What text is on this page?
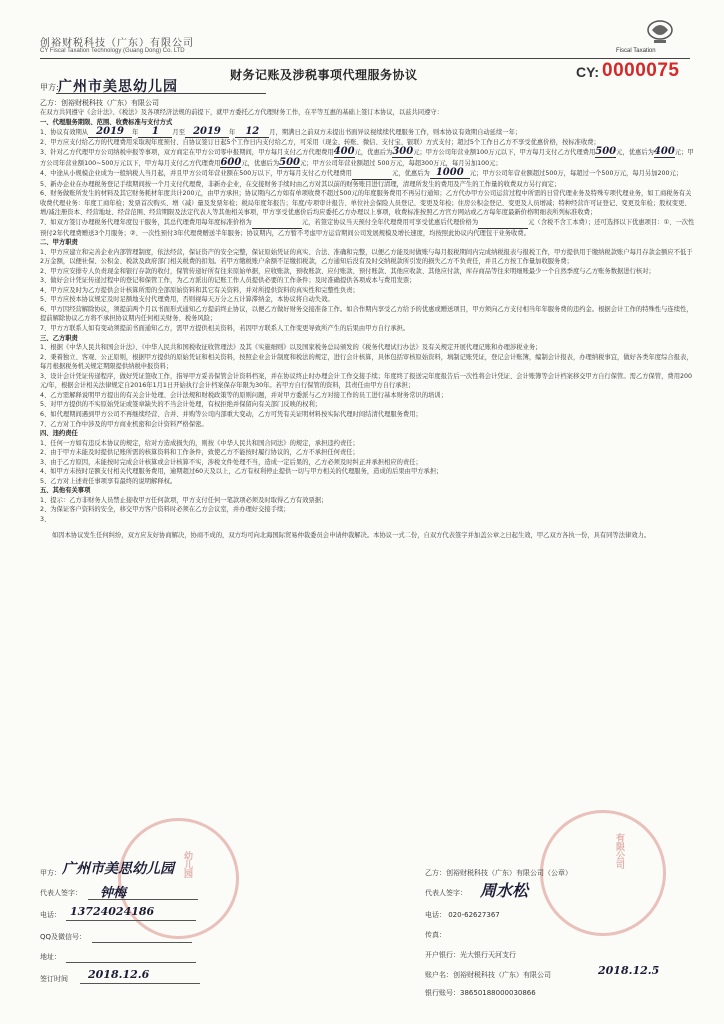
创裕财税科技（广东）有限公司
CY Fiscal Taxation Technology (Guang Dong) Co. LTD	Fiscal Taxation
财务记账及涉税事项代理服务协议	CY: 0000075
甲方: 广州市美思幼儿园
乙方：创裕财税科技（广东）有限公司

在双方共同遵守《会计法》、《税法》及各项经济法规的前提下，就甲方委托乙方代理财务工作，在平等互惠的基础上签订本协议，以兹共同遵守：

一、代理服务期限、范围、收费标准与支付方式

1、协议有效期从 2019 年 1 月至 2019 年 12 月，期满日之前双方未提出书面异议视续续代理服务工作，则本协议有效期自动延续一年；

2、甲方应支付给乙方的代理费用采取现年度预付、自协议签订日起5个工作日内支付给乙方，可采用（现金、转账、微信、支付宝、银联）方式支付；超过5个工作日乙方不享受优惠价格，按标准收费；

3、针对乙方代理甲方公司纳税申报等事项，双方商定在甲方公司零申报期间，甲方每月支付乙方代理费用400元，优惠后为300元；甲方公司年营业额100万元以下，甲方每月支付乙方代理费用500元，优惠后为400元；甲方公司年营业额100~500万元以下，甲方每月支付乙方代理费用600元，优惠后为500元；甲方公司年营业额超过 500万元，每超300万元，每月另加100元；

4、中途从小规模企业成为一般纳税人当月起，并且甲方公司年营业额在500万以下，甲方每月支付乙方代理费用	元，优惠后为 1000 元；甲方公司年营业额超过500万，每超过一个500万元，每月另加200元；

5、新办企业在办理税务登记手续期间按一个月支付代理费，非新办企业，在交接财务手续时由乙方对其以前的财务账目进行清理，清理所发生的费用及产生的工作量的收费双方另行商定；

6、财务做账所发生的材料及其它财务耗材年度共计200元，由甲方承担；协议期内乙方如有单项收费不超过500元的年度服务费用不再另行通知；乙方代办甲方公司运营过程中所需的日常代理业务及特殊专项代理业务，如工商税务有关收费代理业务：年度工商年检；发票首次购买、增（减）量及发票年检；税局年度年报告；年度/专项审计报告、单位社会保险人员登记、变更及年检；住房公积金登记、变更及人员增减；特种经营许可证登记、变更及年检；股权变更、增/减注册资本、经营地址、经营范围、经营期限及法定代表人等其他相关事项，甲方享受优惠价后均应委托乙方办理以上事项，收费标准按照乙方官方网站或乙方每年度最新价格明细表所列标准收费；

7、如双方签订办理税务代理年度包干服务，其总代理费用每年度标准价格为	元，若签定协议当天预付全年代理费用可享受优惠后代理价格为	元（含税不含工本费）；还可选择以下优惠项目：①、一次性预付2年代理费赠送3个月服务；②、一次性预付3年代理费赠送半年服务；协议期内，乙方暂不考虑甲方运营期间公司发展规模及增长速度，均按照此协议内代理包干业务收费。

二、甲方职责

1、甲方应建立和完善企业内部管理制度，依法经营，保证资产的安全完整，保证原始凭证的真实、合法、准确和完整，以便乙方能及时做账与每月报税期间内完成纳税报表与报税工作，甲方提供用于缴纳税款账户每月存款金额应不低于2万金额，以便社保、公积金、税款及政府部门相关税费的扣划。若甲方缴税账户余额不足缴扣税款，乙方通知后没有及时交纳税款所引发的损失乙方不负责任，并且乙方按工作量加收服务费；

2、甲方应安排专人负责现金和银行存款的收付，保管传递好所有往来原始单据，应收账款，预收账款、应付账款、预付账款、其他应收款、其他应付款，库存商品等往来明细账最少一个自然季度与乙方账务数据进行核对；

3、做好会计凭证传递过程中的登记和保管工作，为乙方派出的记账工作人员提供必要的工作条件；及时准确提供各项成本与费用发票；

4、甲方应及时为乙方提供会计核算所需的全部原始资料和其它有关资料，并对所提供资料的真实性和完整性负责；

5、甲方应按本协议规定及时足额地支付代理费用，否则视每天万分之五计算滞纳金，本协议将自动失效。

6、甲方因经营解除协议，须提前两个月以书面形式通知乙方提前终止协议，以便乙方做好财务交接准备工作。如合作期内享受乙方给予的优惠或赠送项目，甲方须向乙方支付相当年年服务费的违约金。根据会计工作的特殊性与连续性，提前解除协议乙方将不承担协议期内任何相关财务、税务风险；

7、甲方方联系人如有变动须提前书面通知乙方，需甲方提供相关资料，若因甲方联系人工作变更导致所产生的后果由甲方自行承担。

三、乙方职责

1、根据《中华人民共和国会计法》、《中华人民共和国税收征收管理法》及其《实施细则》以及国家税务总局颁发的《税务代理试行办法》及有关规定开展代理记账和办理涉税业务；

2、秉着独立、客观、公正原则，根据甲方提供的原始凭证和相关资料，按照企业会计制度和税法的规定，进行会计核算，具体包括审核原始资料，填制记账凭证，登记会计账簿，编制会计报表，办理纳税事宜，做好各类年度综合报表，每月根据税务机关规定期限提供纳税申报资料；

3、设计会计凭证传递程序，做好凭证签收工作，指导甲方妥善保管会计资料档案，并在协议终止时办理会计工作交接手续；年度终了报送完年度报告后一次性将会计凭证、会计账簿等会计档案移交甲方自行保管。需乙方保管，费用200元/年，根据会计相关法律规定自2016年1月1日开始执行会计档案保存年限为30年。若甲方自行保管的资料，其责任由甲方自行承担；

4、乙方需解释说明甲方提出的有关会计处理、会计法规和财税政策等的原则问题，并对甲方委派与乙方对接工作的员工进行基本财务常识的培训；

5、对甲方提供的不实原始凭证或签章缺失的不当会计处理，有权拒绝并保留向有关部门反映的权利；

6、如代理期间遇到甲方公司不再继续经营、合并、并购等公司内部重大变动，乙方可凭有关证明材料按实际代理时间结清代理服务费用；

7、乙方对工作中涉及的甲方商业机密和会计资料严格保密。

四、违约责任

1、任何一方如有违反本协议的规定，给对方造成损失的，则按《中华人民共和国合同法》的规定，承担违约责任；

2、由于甲方未能及时提供记账所需的核算资料和工作条件，致使乙方不能按时履行协议的，乙方不承担任何责任；

3、由于乙方原因，未能按时完成会计核算或会计核算不实，涉税文件处理不当，造成一定后果的，乙方必须及时纠正并承担相应的责任；

4、如甲方未按时足额支付相关代理服务费用，逾期超过60天及以上，乙方有权利停止提供一切与甲方相关的代理服务，造成的后果由甲方承担；

5、乙方对上述责任事项享有最终的说明解释权。

五、其他有关事项

1、提示：乙方非财务人员禁止接收甲方任何款项，甲方支付任何一笔款项必须及时取得乙方有效票据；

2、为保证客户资料的安全，移交甲方客户资料时必须在乙方会议室，并办理好交接手续；

3、

如因本协议发生任何纠纷，双方应友好协商解决，协商不成的，双方均可向北海国际贸易仲裁委员会申请仲裁解决。本协议一式二份，自双方代表签字并加盖公章之日起生效，甲乙双方各执一份，具有同等法律效力。

幼儿园	有限公司
甲方： 广州市美思幼儿园
代表人签字： 钟梅
电话： 13724024186
QQ及微信号：
地址：
签订时间 2018.12.6
乙方：创裕财税科技（广东）有限公司（公章）
代表人签字： 周水松
电话： 020-62627367
传真：
开户银行：光大银行天河支行
账户名：创裕财税科技（广东）有限公司
银行账号：38650188000030866
2018.12.5
